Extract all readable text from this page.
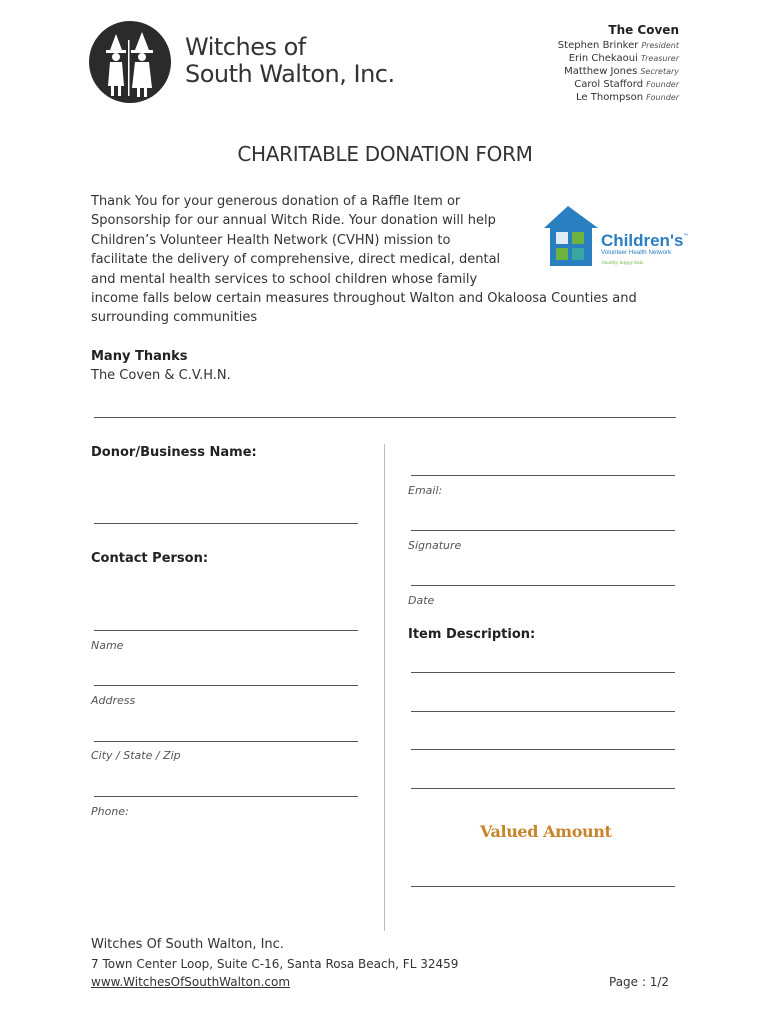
Witches of
South Walton, Inc.
The Coven
Stephen Brinker President
Erin Chekaoui Treasurer
Matthew Jones Secretary
Carol Stafford Founder
Le Thompson Founder
CHARITABLE DONATION FORM
Thank You for your generous donation of a Raffle Item or
Sponsorship for our annual Witch Ride. Your donation will help
Children’s Volunteer Health Network (CVHN) mission to
facilitate the delivery of comprehensive, direct medical, dental
and mental health services to school children whose family
income falls below certain measures throughout Walton and Okaloosa Counties and
surrounding communities
Children's ™
Volunteer Health Network
healthy happy kids
Many Thanks
The Coven & C.V.H.N.
Donor/Business Name:
Contact Person:
Name
Address
City / State / Zip
Phone:
Email:
Signature
Date
Item Description:
Valued Amount
Witches Of South Walton, Inc.
7 Town Center Loop, Suite C-16, Santa Rosa Beach, FL 32459
www.WitchesOfSouthWalton.com	Page : 1/2
